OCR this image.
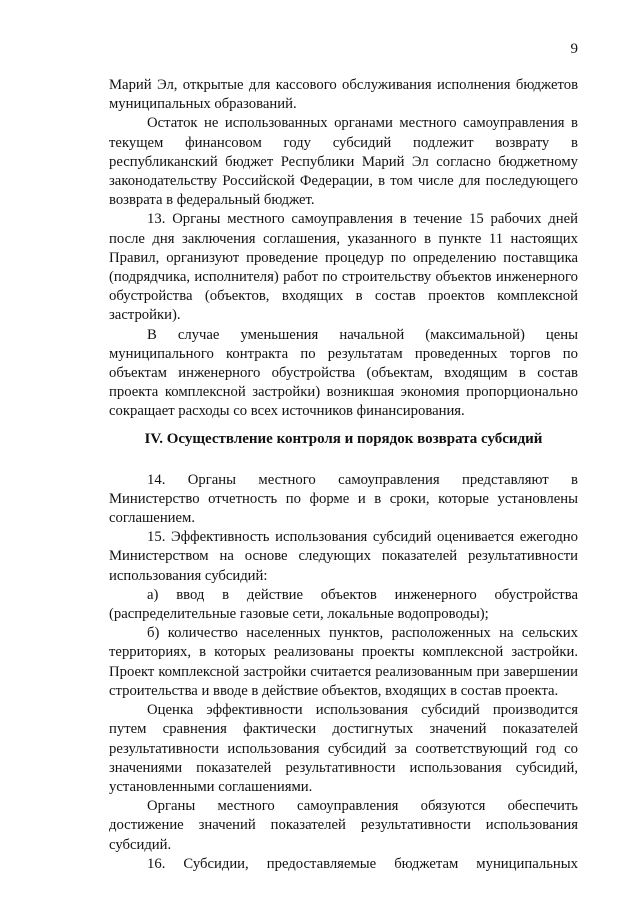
9

Марий Эл, открытые для кассового обслуживания исполнения бюджетов муниципальных образований.

Остаток не использованных органами местного самоуправления в текущем финансовом году субсидий подлежит возврату в республиканский бюджет Республики Марий Эл согласно бюджетному законодательству Российской Федерации, в том числе для последующего возврата в федеральный бюджет.

13. Органы местного самоуправления в течение 15 рабочих дней после дня заключения соглашения, указанного в пункте 11 настоящих Правил, организуют проведение процедур по определению поставщика (подрядчика, исполнителя) работ по строительству объектов инженерного обустройства (объектов, входящих в состав проектов комплексной застройки).

В случае уменьшения начальной (максимальной) цены муниципального контракта по результатам проведенных торгов по объектам инженерного обустройства (объектам, входящим в состав проекта комплексной застройки) возникшая экономия пропорционально сокращает расходы со всех источников финансирования.

IV. Осуществление контроля и порядок возврата субсидий

14. Органы местного самоуправления представляют в Министерство отчетность по форме и в сроки, которые установлены соглашением.

15. Эффективность использования субсидий оценивается ежегодно Министерством на основе следующих показателей результативности использования субсидий:

а) ввод в действие объектов инженерного обустройства (распределительные газовые сети, локальные водопроводы);

б) количество населенных пунктов, расположенных на сельских территориях, в которых реализованы проекты комплексной застройки. Проект комплексной застройки считается реализованным при завершении строительства и вводе в действие объектов, входящих в состав проекта.

Оценка эффективности использования субсидий производится путем сравнения фактически достигнутых значений показателей результативности использования субсидий за соответствующий год со значениями показателей результативности использования субсидий, установленными соглашениями.

Органы местного самоуправления обязуются обеспечить достижение значений показателей результативности использования субсидий.

16. Субсидии, предоставляемые бюджетам муниципальных
